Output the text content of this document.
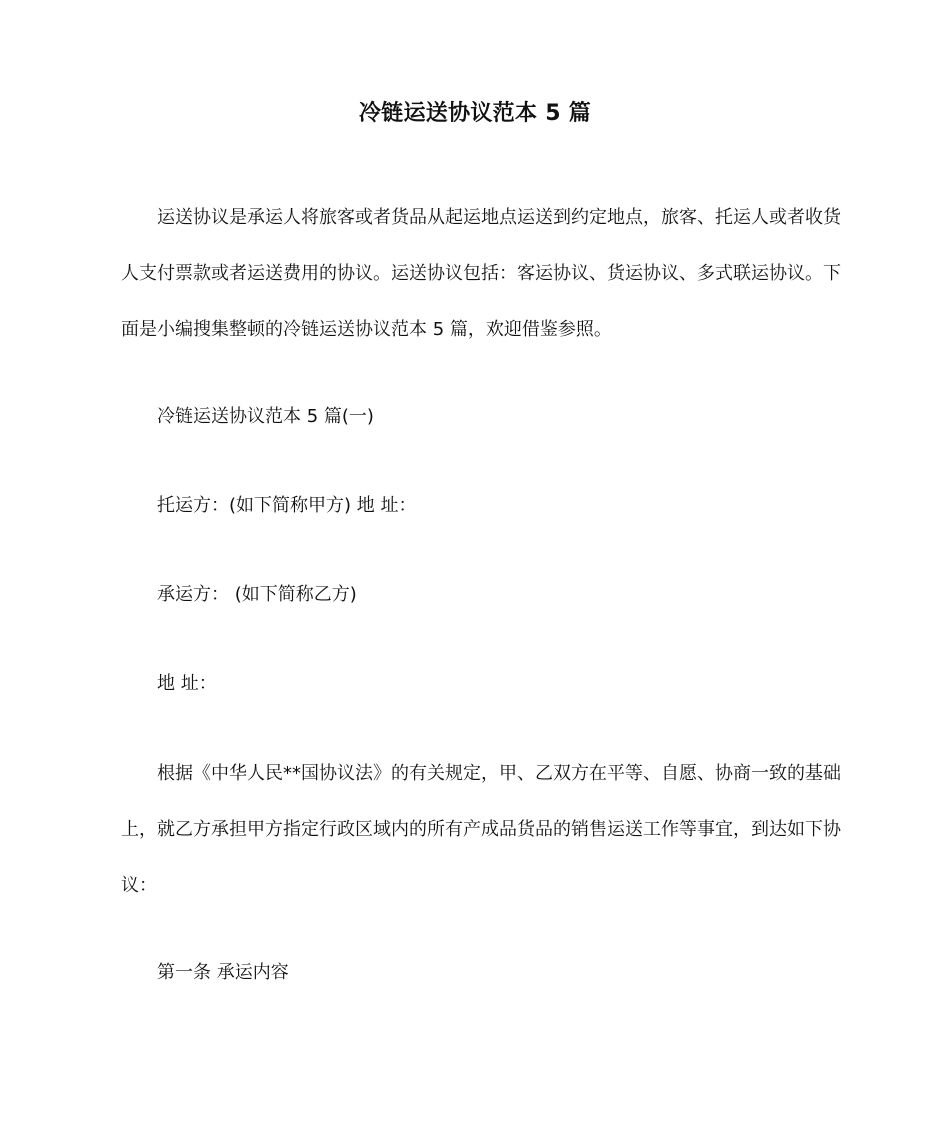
冷链运送协议范本 5 篇

运送协议是承运人将旅客或者货品从起运地点运送到约定地点，旅客、托运人或者收货人支付票款或者运送费用的协议。运送协议包括：客运协议、货运协议、多式联运协议。下面是小编搜集整顿的冷链运送协议范本 5 篇，欢迎借鉴参照。

冷链运送协议范本 5 篇(一)
托运方：(如下简称甲方) 地 址：
承运方： (如下简称乙方)
地 址：

根据《中华人民**国协议法》的有关规定，甲、乙双方在平等、自愿、协商一致的基础上，就乙方承担甲方指定行政区域内的所有产成品货品的销售运送工作等事宜，到达如下协议：

第一条 承运内容
